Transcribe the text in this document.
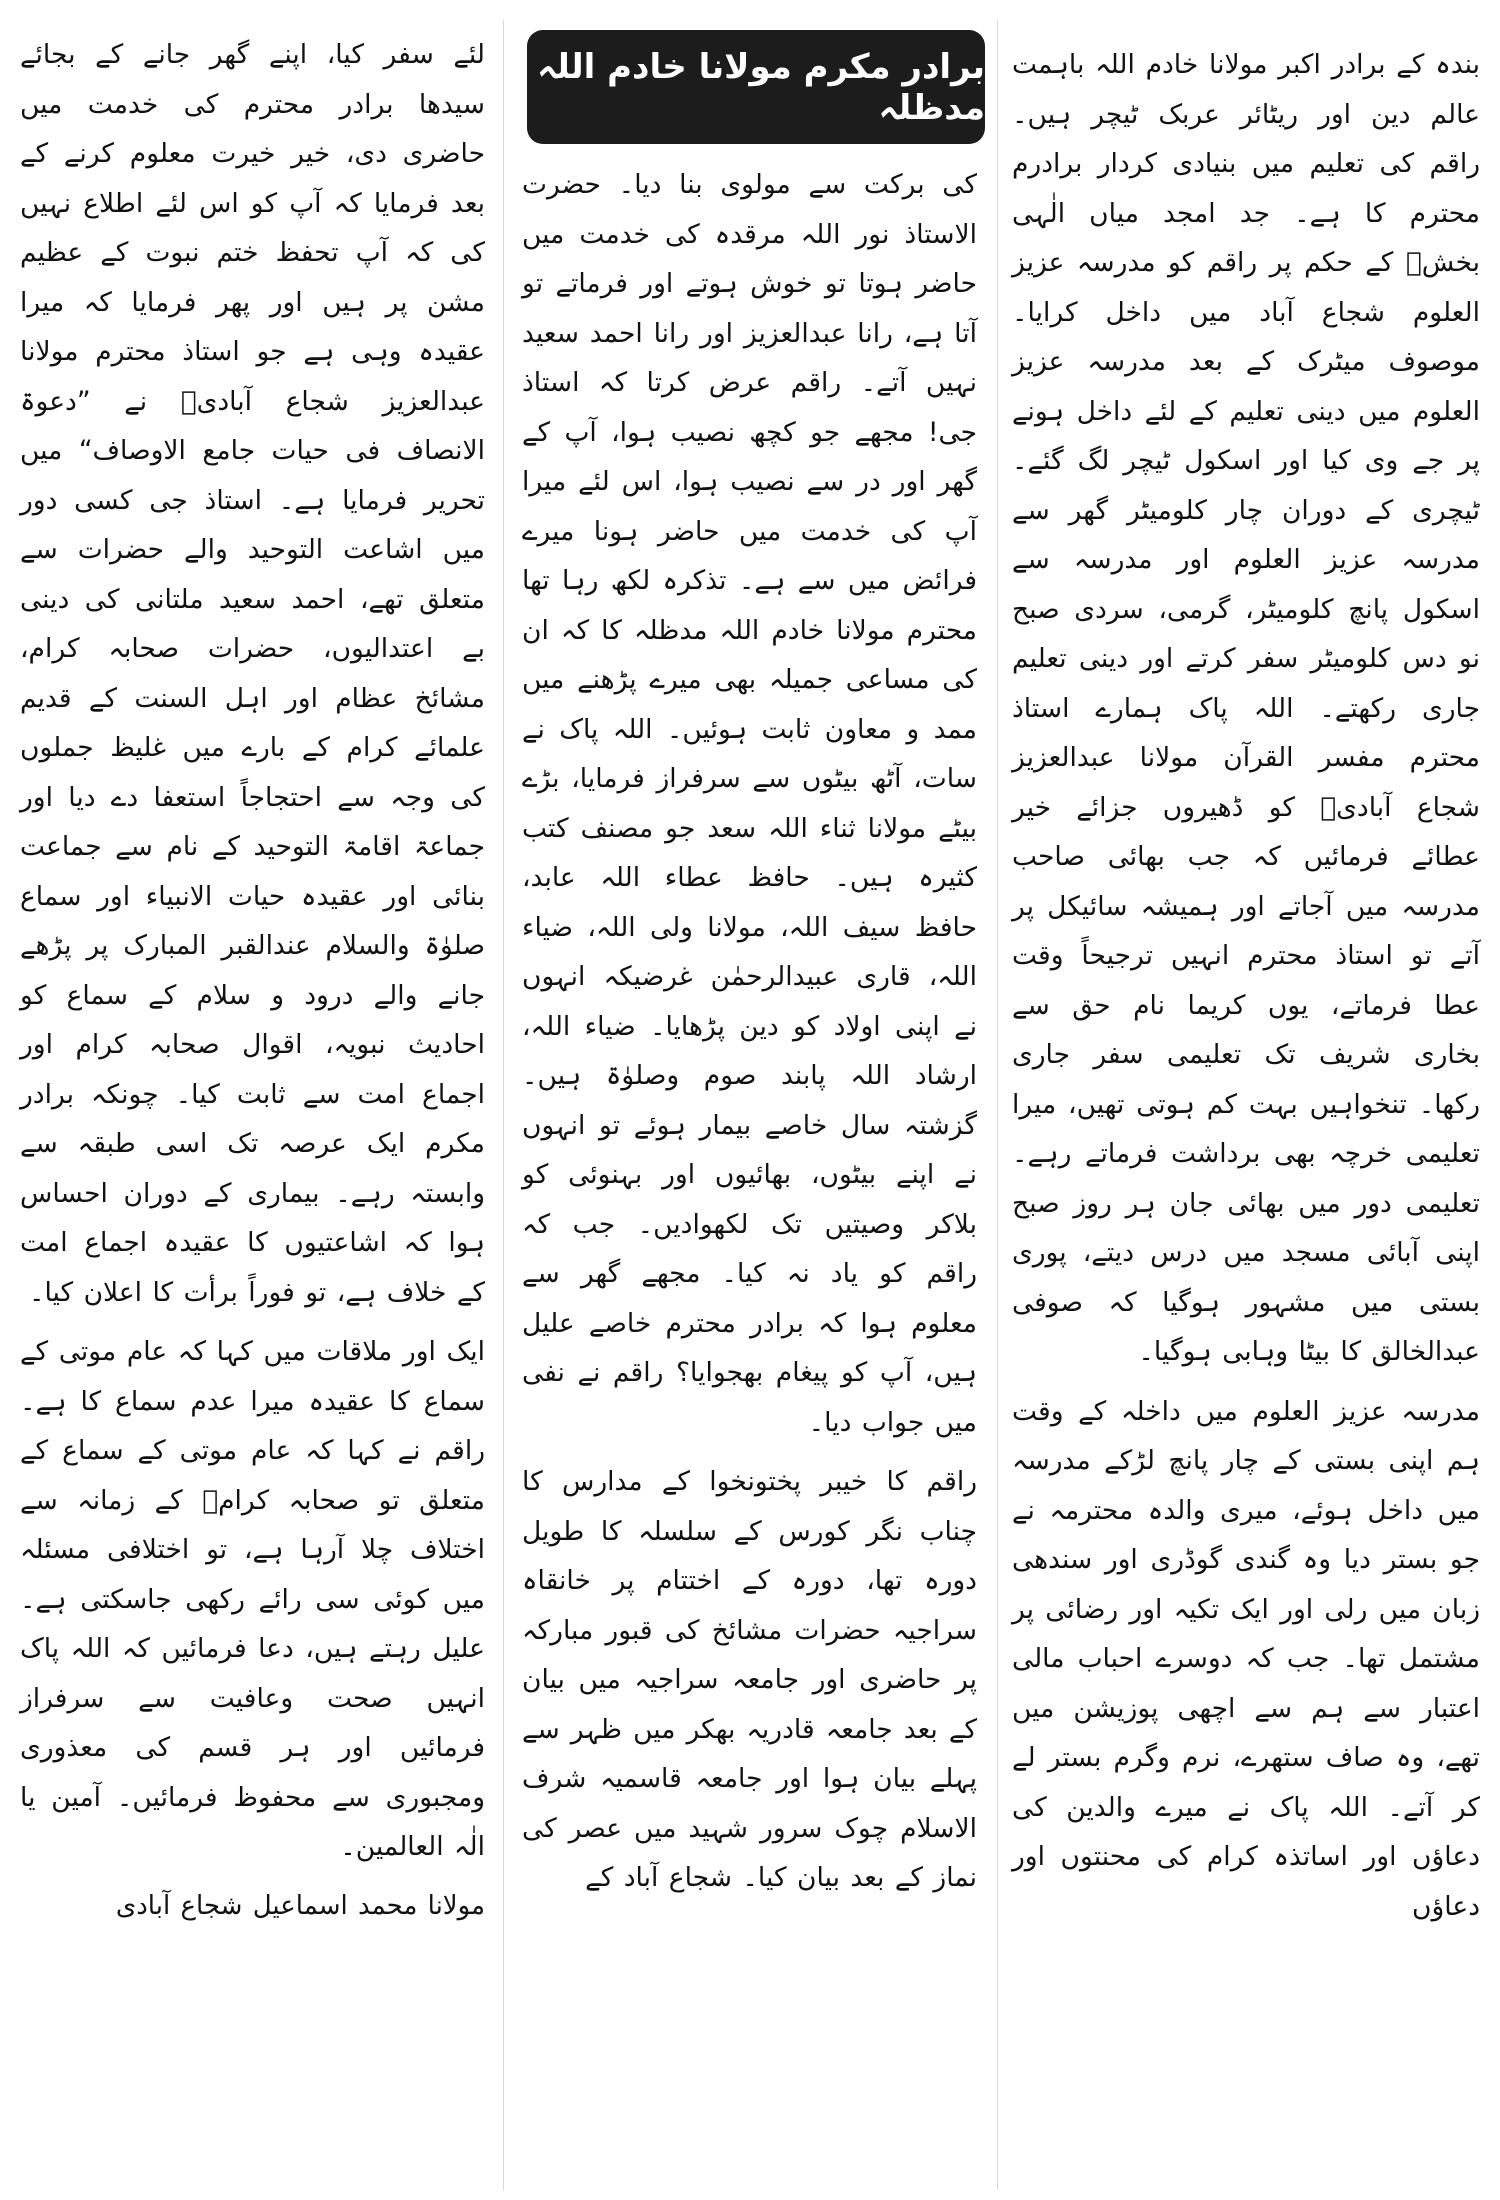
برادر مکرم مولانا خادم اللہ مدظلہ

بندہ کے برادر اکبر مولانا خادم اللہ باہمت عالم دین اور ریٹائر عربک ٹیچر ہیں۔ راقم کی تعلیم میں بنیادی کردار برادرم محترم کا ہے۔ جد امجد میاں الٰہی بخشؒ کے حکم پر راقم کو مدرسہ عزیز العلوم شجاع آباد میں داخل کرایا۔ موصوف میٹرک کے بعد مدرسہ عزیز العلوم میں دینی تعلیم کے لئے داخل ہونے پر جے وی کیا اور اسکول ٹیچر لگ گئے۔ ٹیچری کے دوران چار کلومیٹر گھر سے مدرسہ عزیز العلوم اور مدرسہ سے اسکول پانچ کلومیٹر، گرمی، سردی صبح نو دس کلومیٹر سفر کرتے اور دینی تعلیم جاری رکھتے۔ اللہ پاک ہمارے استاذ محترم مفسر القرآن مولانا عبدالعزیز شجاع آبادیؒ کو ڈھیروں جزائے خیر عطائے فرمائیں کہ جب بھائی صاحب مدرسہ میں آجاتے اور ہمیشہ سائیکل پر آتے تو استاذ محترم انہیں ترجیحاً وقت عطا فرماتے، یوں کریما نام حق سے بخاری شریف تک تعلیمی سفر جاری رکھا۔ تنخواہیں بہت کم ہوتی تھیں، میرا تعلیمی خرچہ بھی برداشت فرماتے رہے۔ تعلیمی دور میں بھائی جان ہر روز صبح اپنی آبائی مسجد میں درس دیتے، پوری بستی میں مشہور ہوگیا کہ صوفی عبدالخالق کا بیٹا وہابی ہوگیا۔

مدرسہ عزیز العلوم میں داخلہ کے وقت ہم اپنی بستی کے چار پانچ لڑکے مدرسہ میں داخل ہوئے، میری والدہ محترمہ نے جو بستر دیا وہ گندی گوڈری اور سندھی زبان میں رلی اور ایک تکیہ اور رضائی پر مشتمل تھا۔ جب کہ دوسرے احباب مالی اعتبار سے ہم سے اچھی پوزیشن میں تھے، وہ صاف ستھرے، نرم وگرم بستر لے کر آتے۔ اللہ پاک نے میرے والدین کی دعاؤں اور اساتذہ کرام کی محنتوں اور دعاؤں

کی برکت سے مولوی بنا دیا۔ حضرت الاستاذ نور اللہ مرقدہ کی خدمت میں حاضر ہوتا تو خوش ہوتے اور فرماتے تو آتا ہے، رانا عبدالعزیز اور رانا احمد سعید نہیں آتے۔ راقم عرض کرتا کہ استاذ جی! مجھے جو کچھ نصیب ہوا، آپ کے گھر اور در سے نصیب ہوا، اس لئے میرا آپ کی خدمت میں حاضر ہونا میرے فرائض میں سے ہے۔ تذکرہ لکھ رہا تھا محترم مولانا خادم اللہ مدظلہ کا کہ ان کی مساعی جمیلہ بھی میرے پڑھنے میں ممد و معاون ثابت ہوئیں۔ اللہ پاک نے سات، آٹھ بیٹوں سے سرفراز فرمایا، بڑے بیٹے مولانا ثناء اللہ سعد جو مصنف کتب کثیرہ ہیں۔ حافظ عطاء اللہ عابد، حافظ سیف اللہ، مولانا ولی اللہ، ضیاء اللہ، قاری عبیدالرحمٰن غرضیکہ انہوں نے اپنی اولاد کو دین پڑھایا۔ ضیاء اللہ، ارشاد اللہ پابند صوم وصلوٰۃ ہیں۔ گزشتہ سال خاصے بیمار ہوئے تو انہوں نے اپنے بیٹوں، بھائیوں اور بہنوئی کو بلاکر وصیتیں تک لکھوادیں۔ جب کہ راقم کو یاد نہ کیا۔ مجھے گھر سے معلوم ہوا کہ برادر محترم خاصے علیل ہیں، آپ کو پیغام بھجوایا؟ راقم نے نفی میں جواب دیا۔

راقم کا خیبر پختونخوا کے مدارس کا چناب نگر کورس کے سلسلہ کا طویل دورہ تھا، دورہ کے اختتام پر خانقاہ سراجیہ حضرات مشائخ کی قبور مبارکہ پر حاضری اور جامعہ سراجیہ میں بیان کے بعد جامعہ قادریہ بھکر میں ظہر سے پہلے بیان ہوا اور جامعہ قاسمیہ شرف الاسلام چوک سرور شہید میں عصر کی نماز کے بعد بیان کیا۔ شجاع آباد کے

لئے سفر کیا، اپنے گھر جانے کے بجائے سیدھا برادر محترم کی خدمت میں حاضری دی، خیر خیرت معلوم کرنے کے بعد فرمایا کہ آپ کو اس لئے اطلاع نہیں کی کہ آپ تحفظ ختم نبوت کے عظیم مشن پر ہیں اور پھر فرمایا کہ میرا عقیدہ وہی ہے جو استاذ محترم مولانا عبدالعزیز شجاع آبادیؒ نے ”دعوۃ الانصاف فی حیات جامع الاوصاف“ میں تحریر فرمایا ہے۔ استاذ جی کسی دور میں اشاعت التوحید والے حضرات سے متعلق تھے، احمد سعید ملتانی کی دینی بے اعتدالیوں، حضرات صحابہ کرام، مشائخ عظام اور اہل السنت کے قدیم علمائے کرام کے بارے میں غلیظ جملوں کی وجہ سے احتجاجاً استعفا دے دیا اور جماعۃ اقامۃ التوحید کے نام سے جماعت بنائی اور عقیدہ حیات الانبیاء اور سماع صلوٰۃ والسلام عندالقبر المبارک پر پڑھے جانے والے درود و سلام کے سماع کو احادیث نبویہ، اقوال صحابہ کرام اور اجماع امت سے ثابت کیا۔ چونکہ برادر مکرم ایک عرصہ تک اسی طبقہ سے وابستہ رہے۔ بیماری کے دوران احساس ہوا کہ اشاعتیوں کا عقیدہ اجماع امت کے خلاف ہے، تو فوراً برأت کا اعلان کیا۔

ایک اور ملاقات میں کہا کہ عام موتی کے سماع کا عقیدہ میرا عدم سماع کا ہے۔ راقم نے کہا کہ عام موتی کے سماع کے متعلق تو صحابہ کرامؓ کے زمانہ سے اختلاف چلا آرہا ہے، تو اختلافی مسئلہ میں کوئی سی رائے رکھی جاسکتی ہے۔ علیل رہتے ہیں، دعا فرمائیں کہ اللہ پاک انہیں صحت وعافیت سے سرفراز فرمائیں اور ہر قسم کی معذوری ومجبوری سے محفوظ فرمائیں۔ آمین یا الٰہ العالمین۔

مولانا محمد اسماعیل شجاع آبادی
